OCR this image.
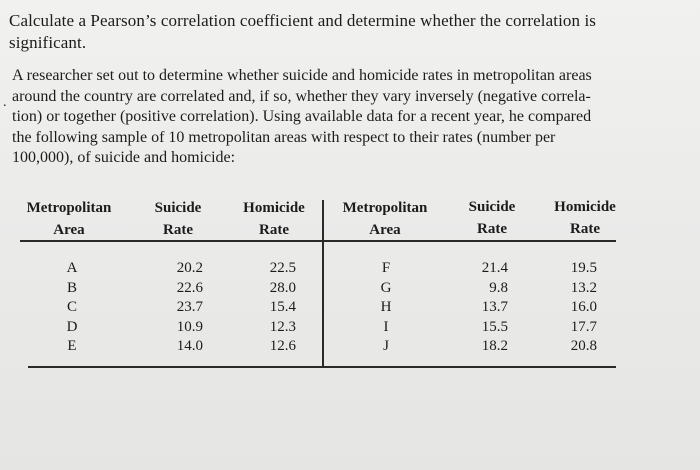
Calculate a Pearson’s correlation coefficient and determine whether the correlation is
significant.
.
A researcher set out to determine whether suicide and homicide rates in metropolitan areas
around the country are correlated and, if so, whether they vary inversely (negative correla-
tion) or together (positive correlation). Using available data for a recent year, he compared
the following sample of 10 metropolitan areas with respect to their rates (number per
100,000), of suicide and homicide:
Metropolitan
Area
Suicide
Rate
Homicide
Rate
Metropolitan
Area
Suicide
Rate
Homicide
Rate
A
B
C
D
E
20.2
22.6
23.7
10.9
14.0
22.5
28.0
15.4
12.3
12.6
F
G
H
I
J
21.4
9.8
13.7
15.5
18.2
19.5
13.2
16.0
17.7
20.8
